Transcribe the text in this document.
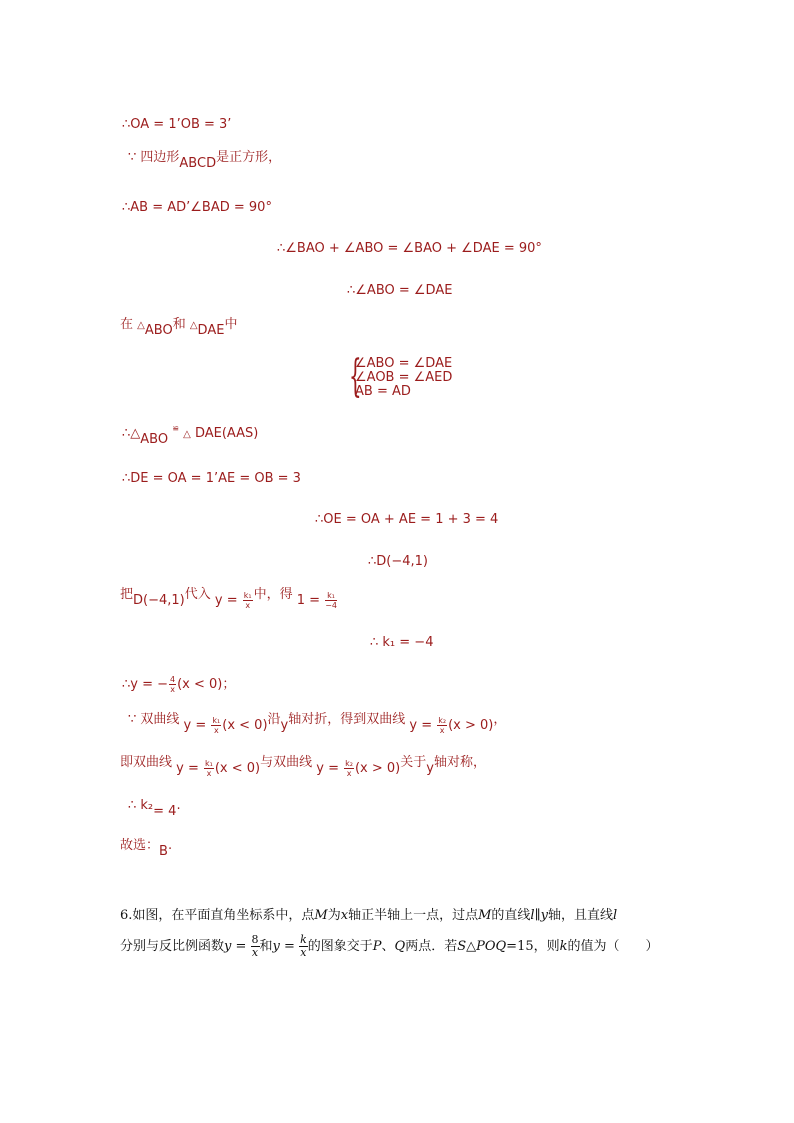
∴OA = 1’OB = 3’
∵ 四边形ABCD是正方形，
∴AB = AD’∠BAD = 90°
∴∠BAO + ∠ABO = ∠BAO + ∠DAE = 90°
∴∠ABO = ∠DAE
在 △ABO和 △DAE中
{
∠ABO = ∠DAE
∠AOB = ∠AED
AB = AD
∴△ABO ≌ △ DAE(AAS)
∴DE = OA = 1’AE = OB = 3
∴OE = OA + AE = 1 + 3 = 4
∴D(−4,1)
把D(−4,1)代入 $y = \frac{\text{k₁}}{x}$ 中，得 $1 = \frac{\text{k₁}}{-4}$
∴ k₁ = −4
∴y = − $\frac{4}{x} (x < 0)$；
∵ 双曲线 $y = \frac{\text{k₁}}{x} (x < 0)$沿y轴对折，得到双曲线 $y = \frac{\text{k₂}}{x} (x > 0)$，
即双曲线 $y = \frac{\text{k₁}}{x} (x < 0)$与双曲线 $y = \frac{\text{k₂}}{x} (x > 0)$关于y轴对称，
∴ k₂= 4.
故选：B.
6.如图，在平面直角坐标系中，点M为x轴正半轴上一点，过点M的直线l∥y轴，且直线l
分别与反比例函数$y = \frac{8}{x}$ 和$y = \frac{k}{x}$ 的图象交于P、Q两点．若S△POQ=15，则k的值为（　　）
